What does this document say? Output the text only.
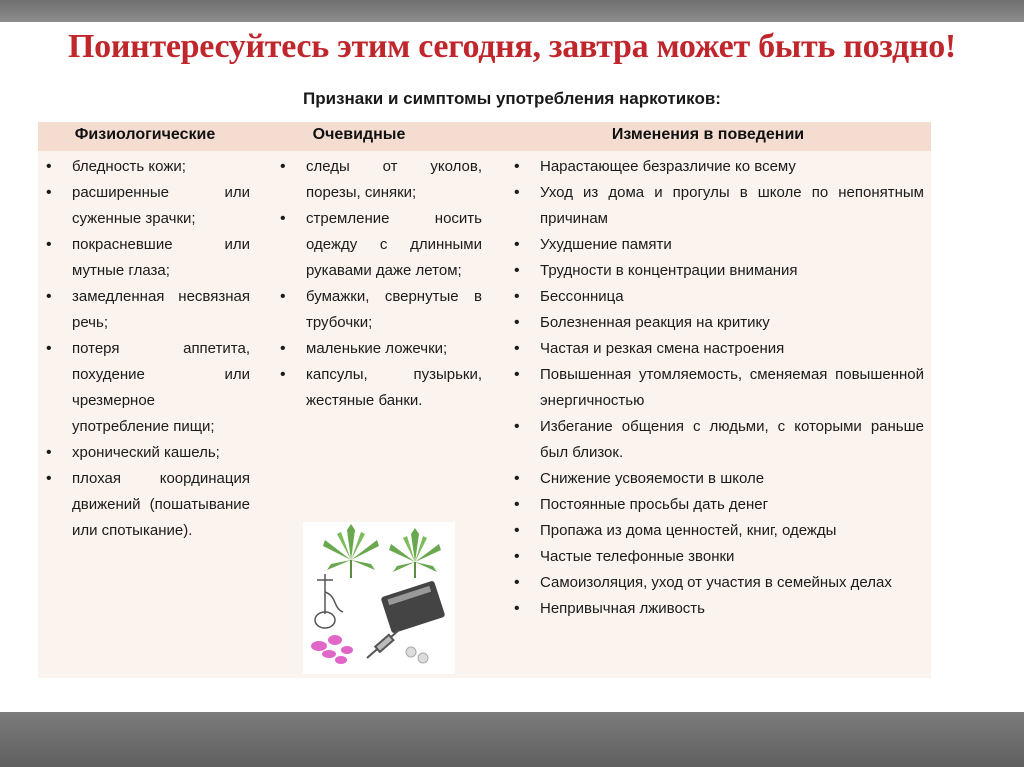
Поинтересуйтесь этим сегодня, завтра может быть поздно!
Признаки и симптомы употребления наркотиков:
Физиологические	Очевидные	Изменения в поведении
• бледность кожи;
• расширенные или суженные зрачки;
• покрасневшие или мутные глаза;
• замедленная несвязная речь;
• потеря аппетита, похудение или чрезмерное употребление пищи;
• хронический кашель;
• плохая координация движений (пошатывание или спотыкание).
• следы от уколов, порезы, синяки;
• стремление носить одежду с длинными рукавами даже летом;
• бумажки, свернутые в трубочки;
• маленькие ложечки;
• капсулы, пузырьки, жестяные банки.
• Нарастающее безразличие ко всему
• Уход из дома и прогулы в школе по непонятным причинам
• Ухудшение памяти
• Трудности в концентрации внимания
• Бессонница
• Болезненная реакция на критику
• Частая и резкая смена настроения
• Повышенная утомляемость, сменяемая повышенной энергичностью
• Избегание общения с людьми, с которыми раньше был близок.
• Снижение усвояемости в школе
• Постоянные просьбы дать денег
• Пропажа из дома ценностей, книг, одежды
• Частые телефонные звонки
• Самоизоляция, уход от участия в семейных делах
• Непривычная лживость
